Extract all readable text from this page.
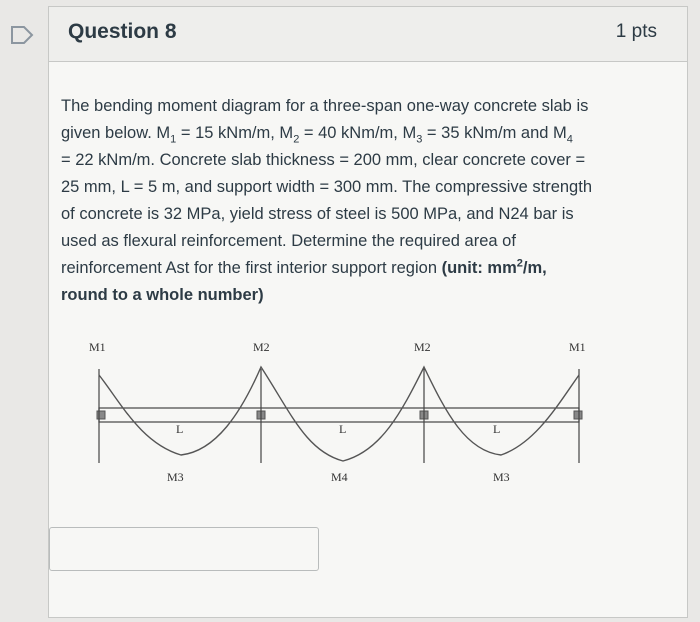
Question 8	1 pts
The bending moment diagram for a three-span one-way concrete slab is
given below. $M_1 = 15$ kNm/m, $M_2 = 40$ kNm/m, $M_3 = 35$ kNm/m and $M_4$
= 22 kNm/m. Concrete slab thickness = 200 mm, clear concrete cover =
25 mm, L = 5 m, and support width = 300 mm. The compressive strength
of concrete is 32 MPa, yield stress of steel is 500 MPa, and N24 bar is
used as flexural reinforcement. Determine the required area of
reinforcement Ast for the first interior support region (unit: $mm^2/m$,
round to a whole number)
M1	M2	M2	M1
L	L	L
M3	M4	M3
